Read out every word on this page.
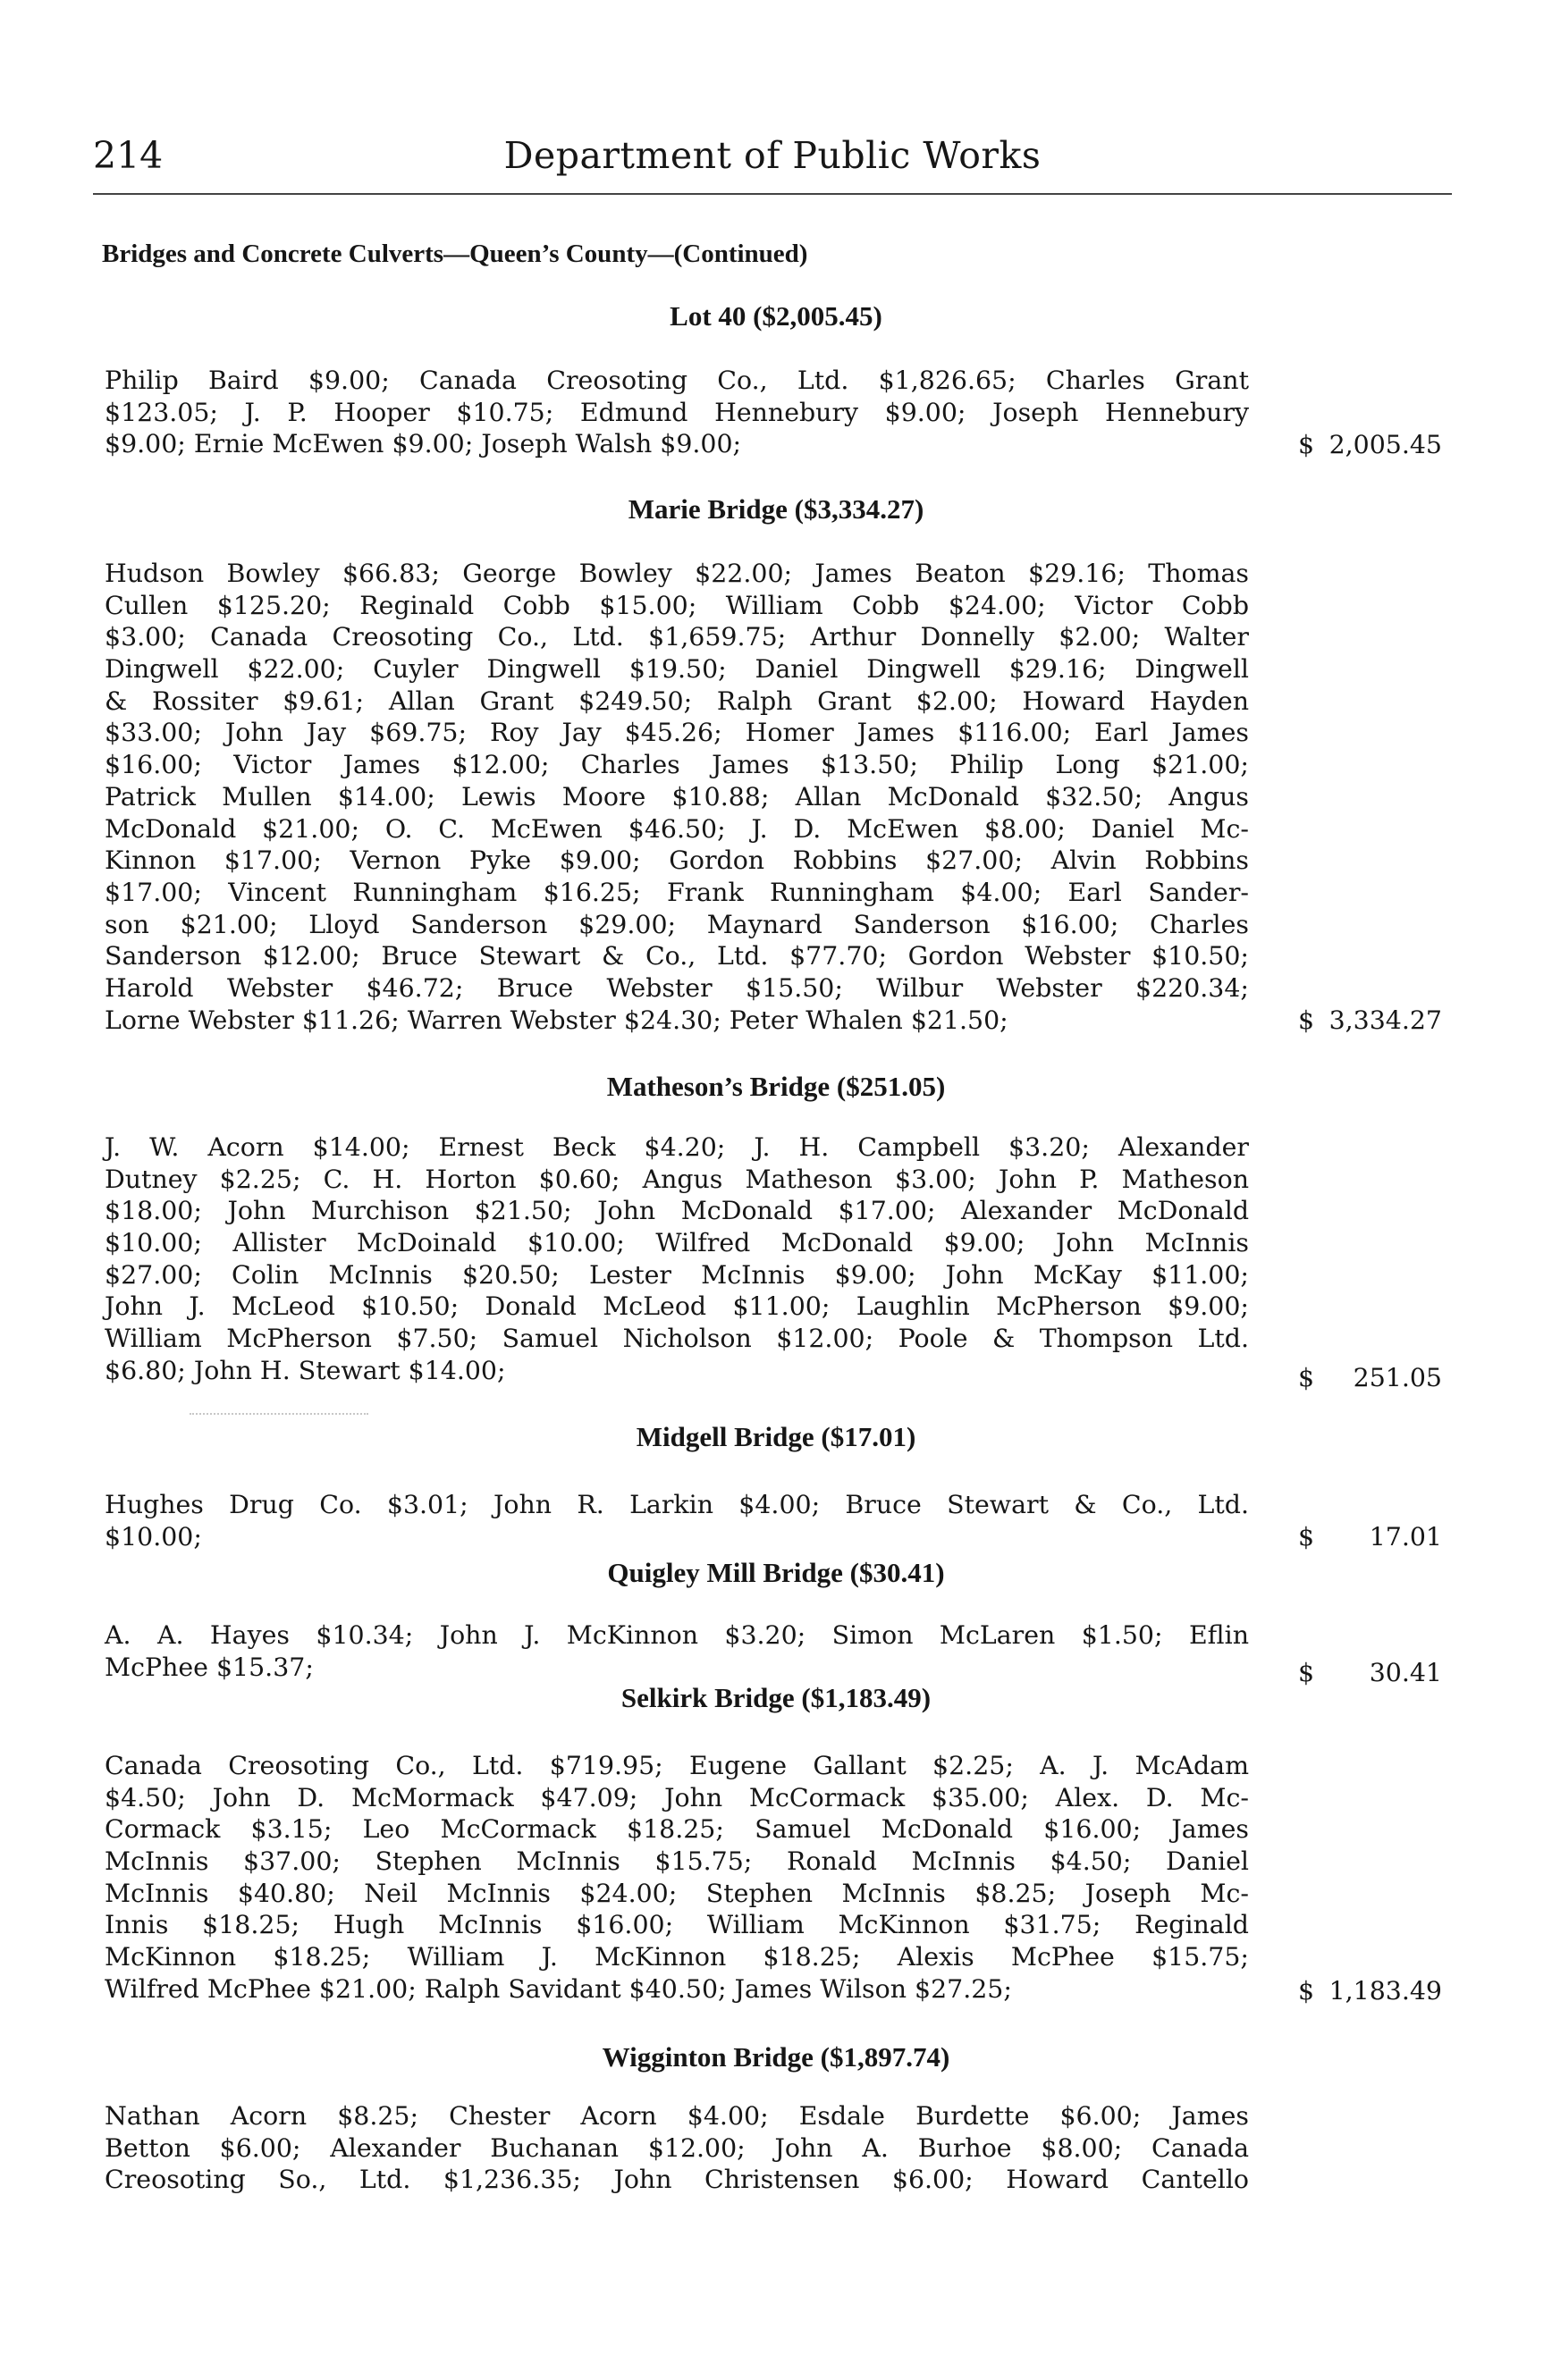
214	Department of Public Works
Bridges and Concrete Culverts—Queen’s County—(Continued)
Lot 40 ($2,005.45)
Philip Baird $9.00; Canada Creosoting Co., Ltd. $1,826.65; Charles Grant
$123.05; J. P. Hooper $10.75; Edmund Hennebury $9.00; Joseph Hennebury
$9.00; Ernie McEwen $9.00; Joseph Walsh $9.00;	$ 2,005.45
Marie Bridge ($3,334.27)
Hudson Bowley $66.83; George Bowley $22.00; James Beaton $29.16; Thomas
Cullen $125.20; Reginald Cobb $15.00; William Cobb $24.00; Victor Cobb
$3.00; Canada Creosoting Co., Ltd. $1,659.75; Arthur Donnelly $2.00; Walter
Dingwell $22.00; Cuyler Dingwell $19.50; Daniel Dingwell $29.16; Dingwell
& Rossiter $9.61; Allan Grant $249.50; Ralph Grant $2.00; Howard Hayden
$33.00; John Jay $69.75; Roy Jay $45.26; Homer James $116.00; Earl James
$16.00; Victor James $12.00; Charles James $13.50; Philip Long $21.00;
Patrick Mullen $14.00; Lewis Moore $10.88; Allan McDonald $32.50; Angus
McDonald $21.00; O. C. McEwen $46.50; J. D. McEwen $8.00; Daniel Mc-
Kinnon $17.00; Vernon Pyke $9.00; Gordon Robbins $27.00; Alvin Robbins
$17.00; Vincent Runningham $16.25; Frank Runningham $4.00; Earl Sander-
son $21.00; Lloyd Sanderson $29.00; Maynard Sanderson $16.00; Charles
Sanderson $12.00; Bruce Stewart & Co., Ltd. $77.70; Gordon Webster $10.50;
Harold Webster $46.72; Bruce Webster $15.50; Wilbur Webster $220.34;
Lorne Webster $11.26; Warren Webster $24.30; Peter Whalen $21.50;	$ 3,334.27
Matheson’s Bridge ($251.05)
J. W. Acorn $14.00; Ernest Beck $4.20; J. H. Campbell $3.20; Alexander
Dutney $2.25; C. H. Horton $0.60; Angus Matheson $3.00; John P. Matheson
$18.00; John Murchison $21.50; John McDonald $17.00; Alexander McDonald
$10.00; Allister McDoinald $10.00; Wilfred McDonald $9.00; John McInnis
$27.00; Colin McInnis $20.50; Lester McInnis $9.00; John McKay $11.00;
John J. McLeod $10.50; Donald McLeod $11.00; Laughlin McPherson $9.00;
William McPherson $7.50; Samuel Nicholson $12.00; Poole & Thompson Ltd.
$6.80; John H. Stewart $14.00;	$ 251.05
Midgell Bridge ($17.01)
Hughes Drug Co. $3.01; John R. Larkin $4.00; Bruce Stewart & Co., Ltd.
$10.00;	$ 17.01
Quigley Mill Bridge ($30.41)
A. A. Hayes $10.34; John J. McKinnon $3.20; Simon McLaren $1.50; Eflin
McPhee $15.37;	$ 30.41
Selkirk Bridge ($1,183.49)
Canada Creosoting Co., Ltd. $719.95; Eugene Gallant $2.25; A. J. McAdam
$4.50; John D. McMormack $47.09; John McCormack $35.00; Alex. D. Mc-
Cormack $3.15; Leo McCormack $18.25; Samuel McDonald $16.00; James
McInnis $37.00; Stephen McInnis $15.75; Ronald McInnis $4.50; Daniel
McInnis $40.80; Neil McInnis $24.00; Stephen McInnis $8.25; Joseph Mc-
Innis $18.25; Hugh McInnis $16.00; William McKinnon $31.75; Reginald
McKinnon $18.25; William J. McKinnon $18.25; Alexis McPhee $15.75;
Wilfred McPhee $21.00; Ralph Savidant $40.50; James Wilson $27.25;	$ 1,183.49
Wigginton Bridge ($1,897.74)
Nathan Acorn $8.25; Chester Acorn $4.00; Esdale Burdette $6.00; James
Betton $6.00; Alexander Buchanan $12.00; John A. Burhoe $8.00; Canada
Creosoting So., Ltd. $1,236.35; John Christensen $6.00; Howard Cantello
